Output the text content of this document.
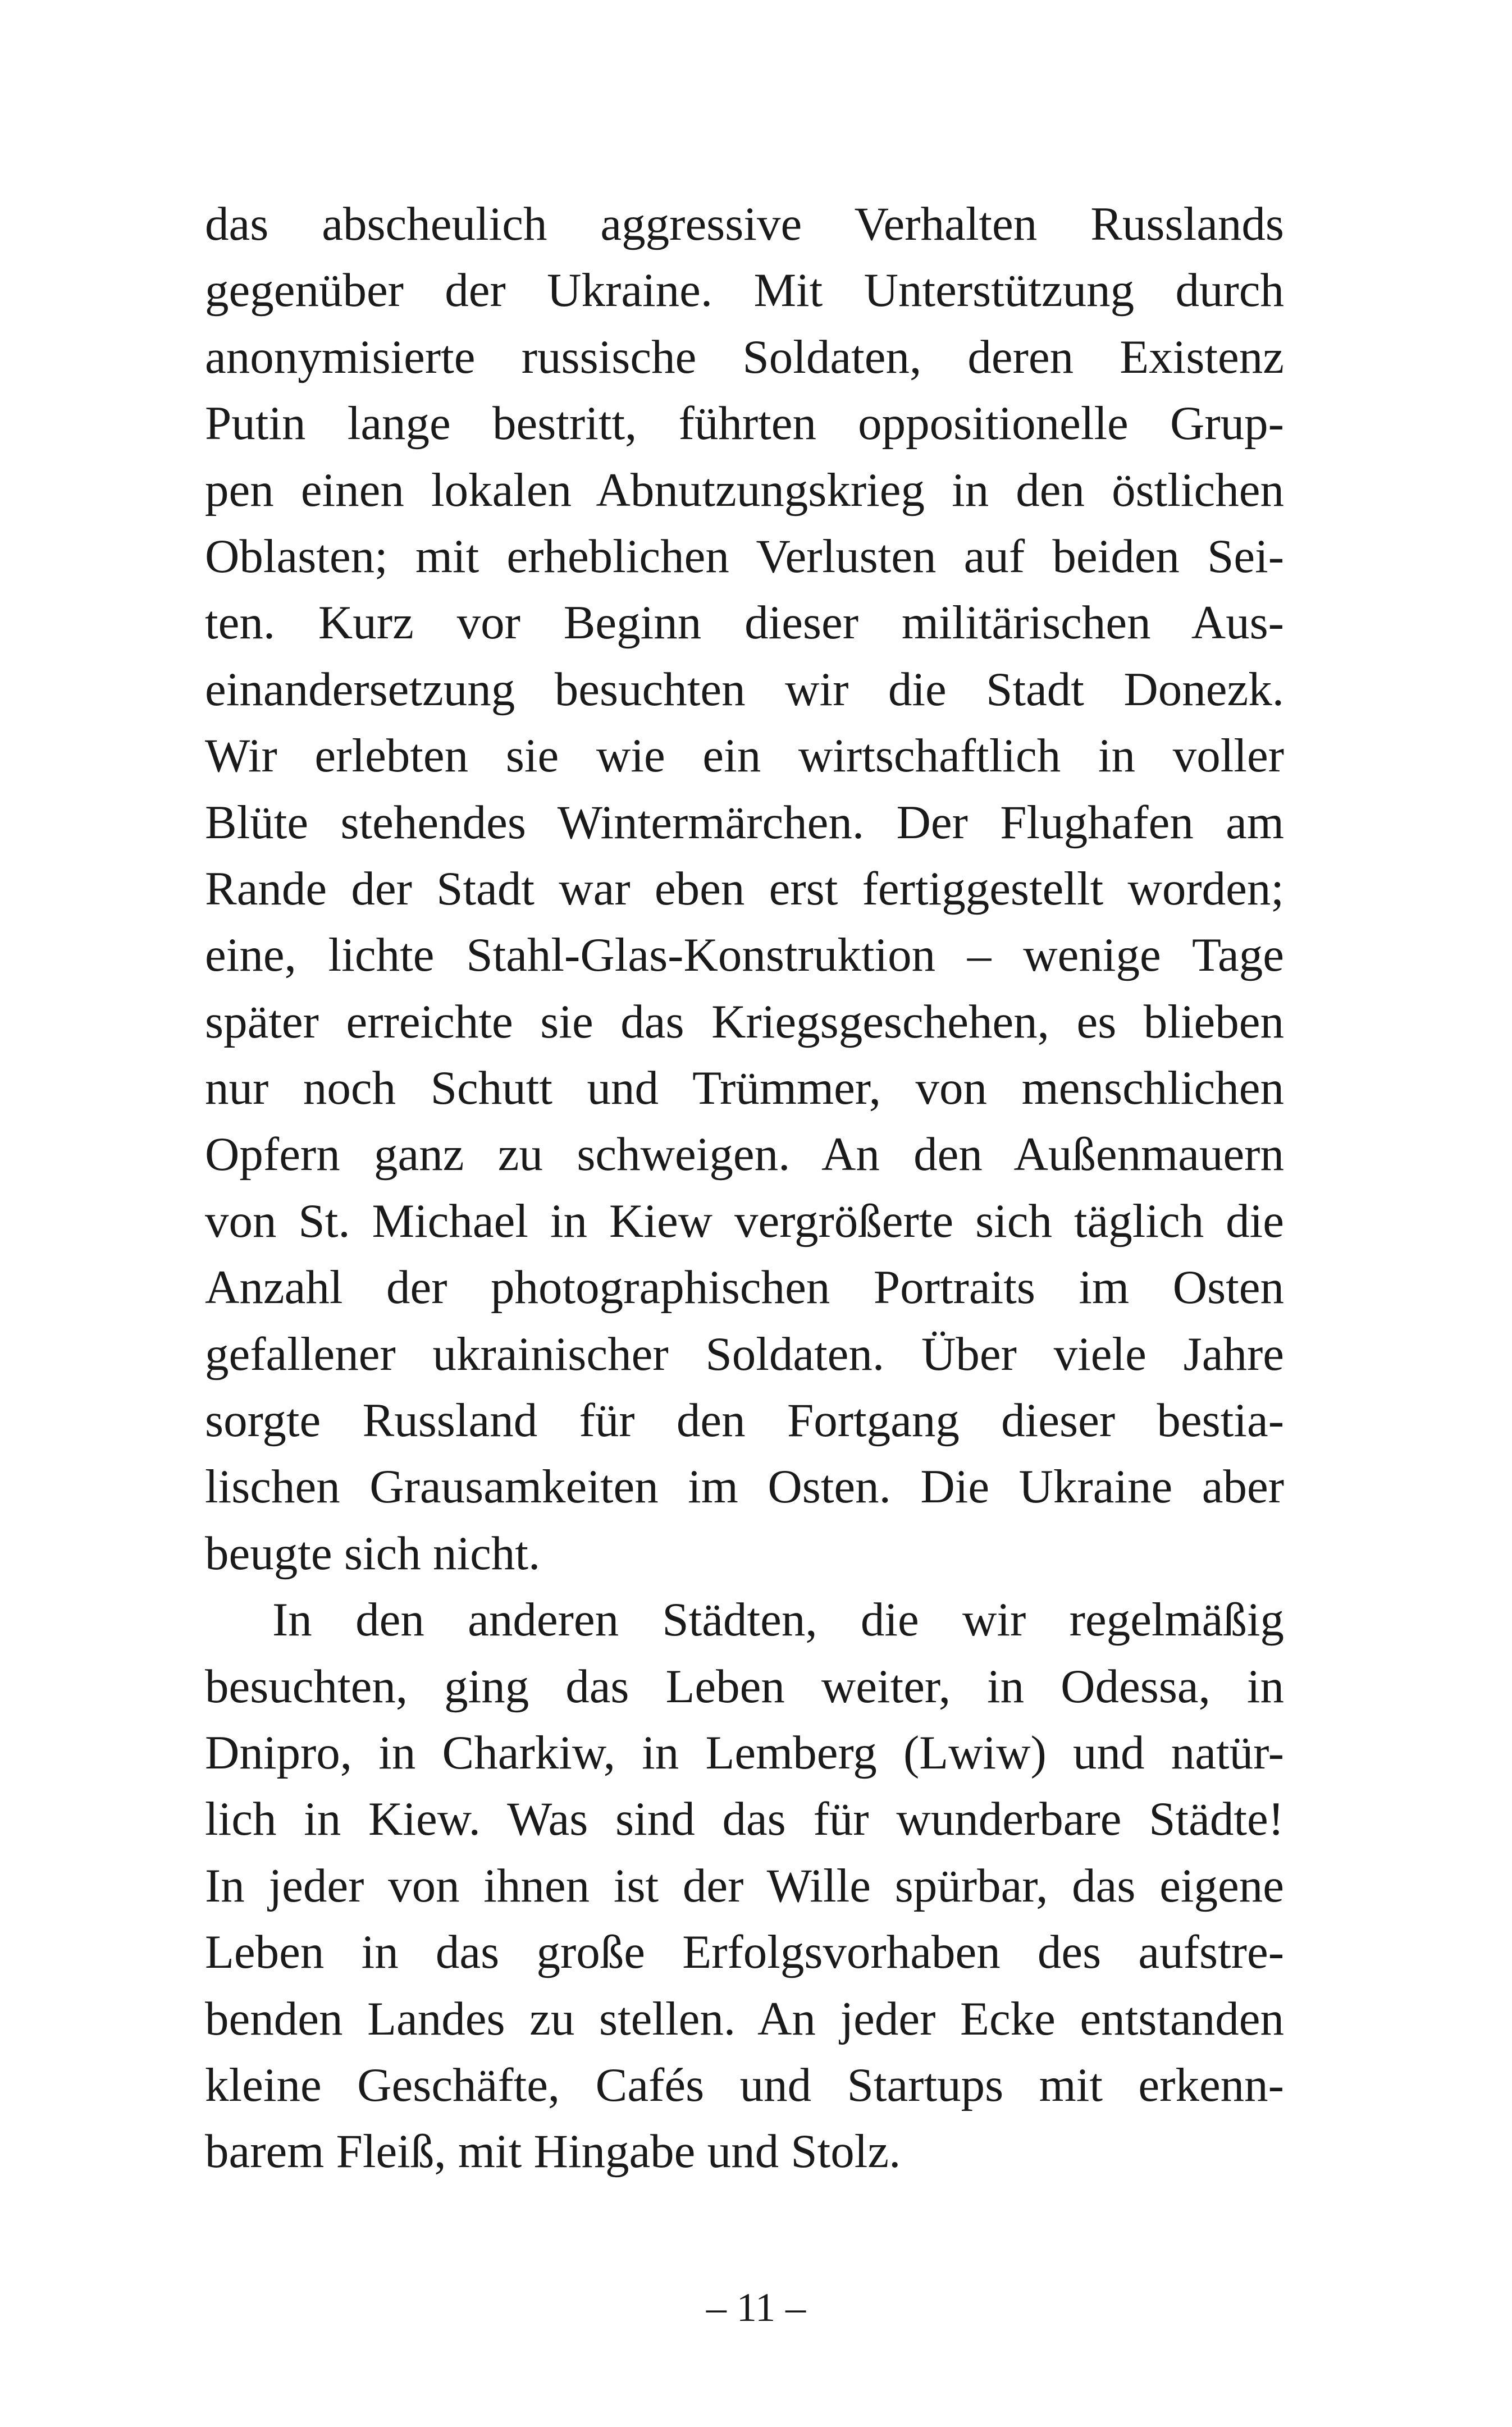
das abscheulich aggressive Verhalten Russlands
gegenüber der Ukraine. Mit Unterstützung durch
anonymisierte russische Soldaten, deren Existenz
Putin lange bestritt, führten oppositionelle Grup-
pen einen lokalen Abnutzungskrieg in den östlichen
Oblasten; mit erheblichen Verlusten auf beiden Sei-
ten. Kurz vor Beginn dieser militärischen Aus-
einandersetzung besuchten wir die Stadt Donezk.
Wir erlebten sie wie ein wirtschaftlich in voller
Blüte stehendes Wintermärchen. Der Flughafen am
Rande der Stadt war eben erst fertiggestellt worden;
eine, lichte Stahl-Glas-Konstruktion – wenige Tage
später erreichte sie das Kriegsgeschehen, es blieben
nur noch Schutt und Trümmer, von menschlichen
Opfern ganz zu schweigen. An den Außenmauern
von St. Michael in Kiew vergrößerte sich täglich die
Anzahl der photographischen Portraits im Osten
gefallener ukrainischer Soldaten. Über viele Jahre
sorgte Russland für den Fortgang dieser bestia-
lischen Grausamkeiten im Osten. Die Ukraine aber
beugte sich nicht.
In den anderen Städten, die wir regelmäßig
besuchten, ging das Leben weiter, in Odessa, in
Dnipro, in Charkiw, in Lemberg (Lwiw) und natür-
lich in Kiew. Was sind das für wunderbare Städte!
In jeder von ihnen ist der Wille spürbar, das eigene
Leben in das große Erfolgsvorhaben des aufstre-
benden Landes zu stellen. An jeder Ecke entstanden
kleine Geschäfte, Cafés und Startups mit erkenn-
barem Fleiß, mit Hingabe und Stolz.
– 11 –
